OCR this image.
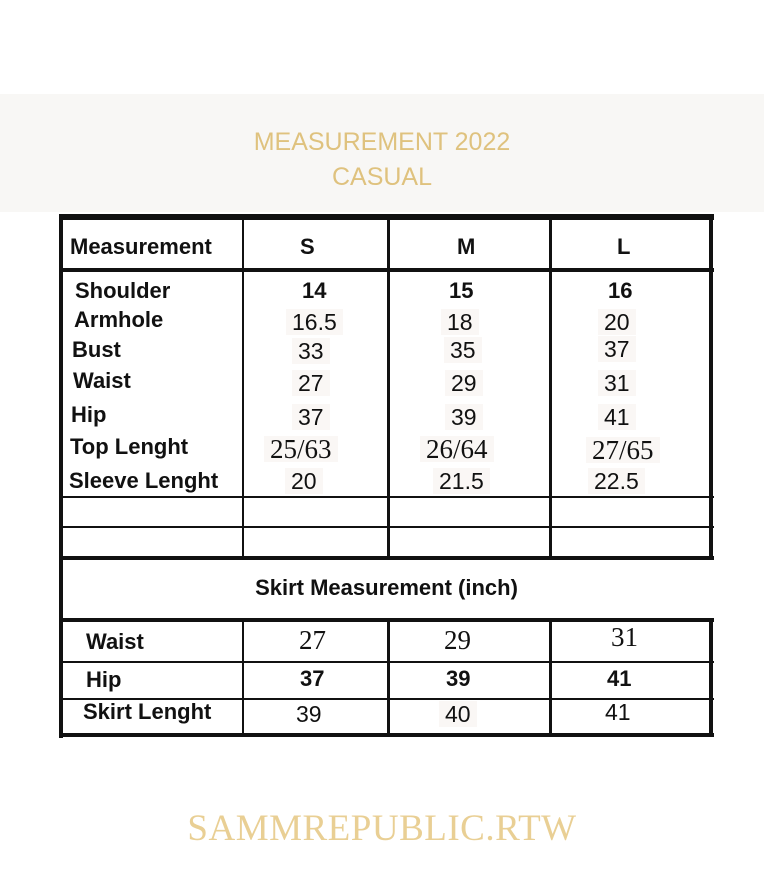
MEASUREMENT 2022
CASUAL
Measurement	S	M	L
Shoulder	14	15	16
Armhole	16.5	18	20
Bust	33	35	37
Waist	27	29	31
Hip	37	39	41
Top Lenght	25/63	26/64	27/65
Sleeve Lenght	20	21.5	22.5
Skirt Measurement (inch)
Waist	27	29	31
Hip	37	39	41
Skirt Lenght	39	40	41
SAMMREPUBLIC.RTW
